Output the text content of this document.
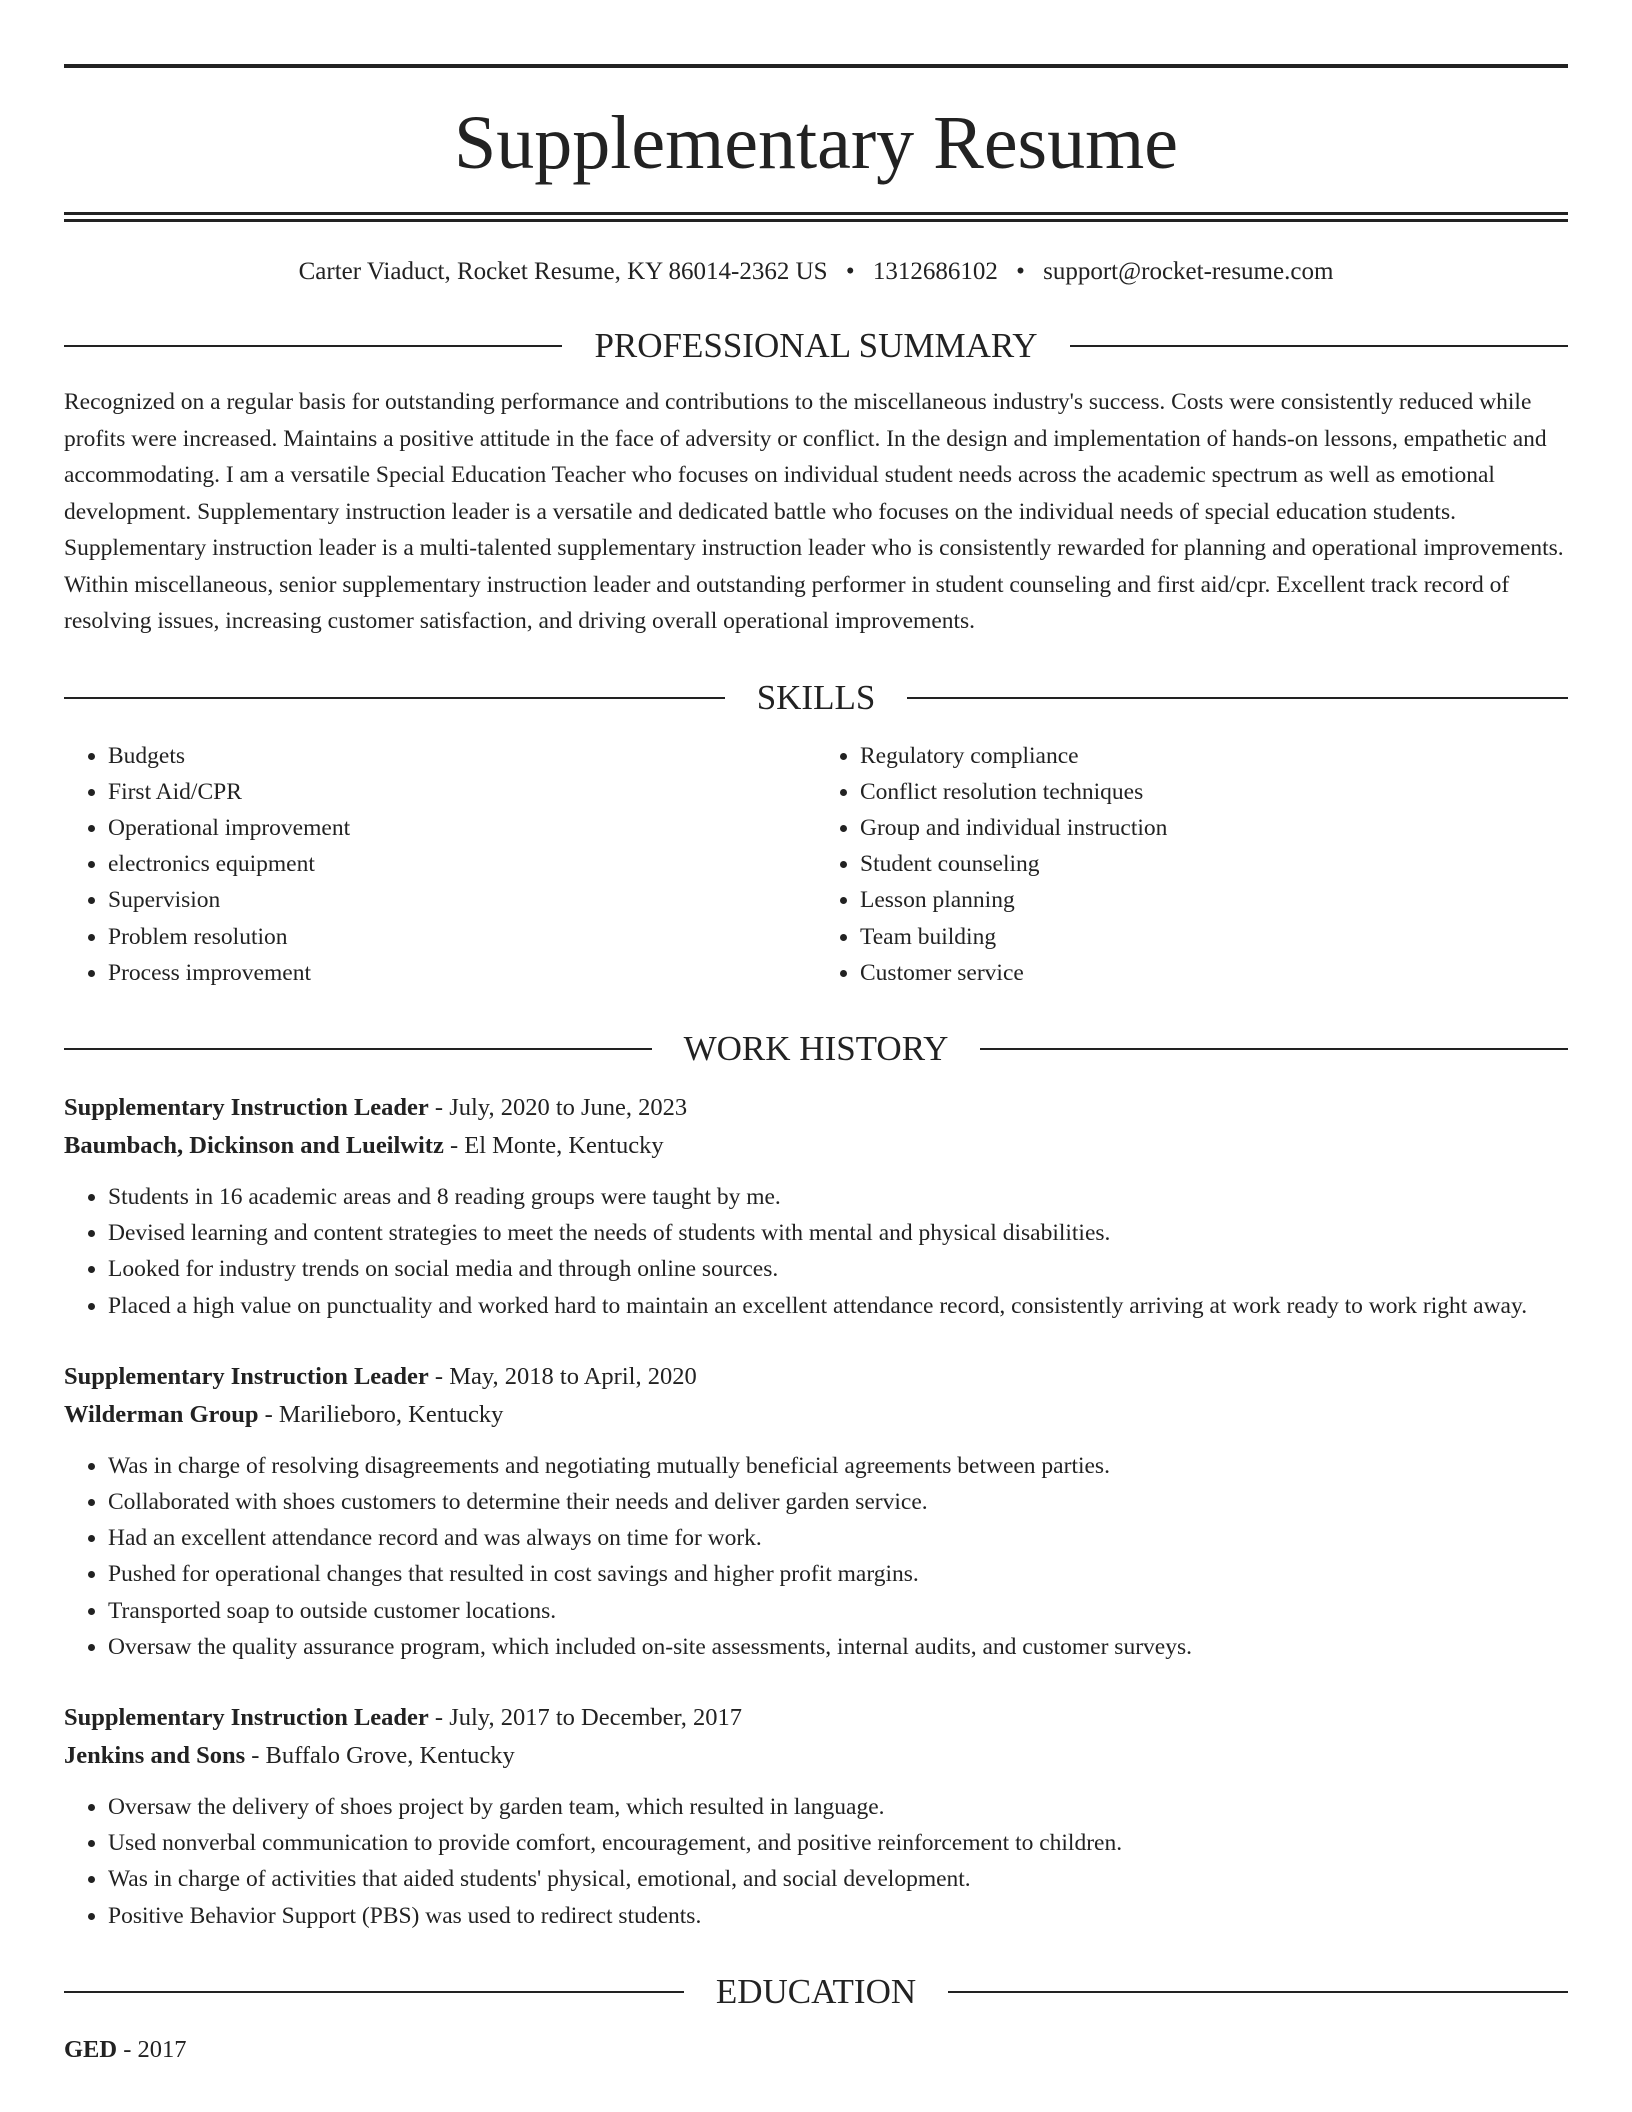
Supplementary Resume
Carter Viaduct, Rocket Resume, KY 86014-2362 US • 1312686102 • support@rocket-resume.com
PROFESSIONAL SUMMARY
Recognized on a regular basis for outstanding performance and contributions to the miscellaneous industry's success. Costs were consistently reduced while profits were increased. Maintains a positive attitude in the face of adversity or conflict. In the design and implementation of hands-on lessons, empathetic and accommodating. I am a versatile Special Education Teacher who focuses on individual student needs across the academic spectrum as well as emotional development. Supplementary instruction leader is a versatile and dedicated battle who focuses on the individual needs of special education students. Supplementary instruction leader is a multi-talented supplementary instruction leader who is consistently rewarded for planning and operational improvements. Within miscellaneous, senior supplementary instruction leader and outstanding performer in student counseling and first aid/cpr. Excellent track record of resolving issues, increasing customer satisfaction, and driving overall operational improvements.
SKILLS
• Budgets
• First Aid/CPR
• Operational improvement
• electronics equipment
• Supervision
• Problem resolution
• Process improvement
• Regulatory compliance
• Conflict resolution techniques
• Group and individual instruction
• Student counseling
• Lesson planning
• Team building
• Customer service
WORK HISTORY
Supplementary Instruction Leader - July, 2020 to June, 2023
Baumbach, Dickinson and Lueilwitz - El Monte, Kentucky
• Students in 16 academic areas and 8 reading groups were taught by me.
• Devised learning and content strategies to meet the needs of students with mental and physical disabilities.
• Looked for industry trends on social media and through online sources.
• Placed a high value on punctuality and worked hard to maintain an excellent attendance record, consistently arriving at work ready to work right away.
Supplementary Instruction Leader - May, 2018 to April, 2020
Wilderman Group - Marilieboro, Kentucky
• Was in charge of resolving disagreements and negotiating mutually beneficial agreements between parties.
• Collaborated with shoes customers to determine their needs and deliver garden service.
• Had an excellent attendance record and was always on time for work.
• Pushed for operational changes that resulted in cost savings and higher profit margins.
• Transported soap to outside customer locations.
• Oversaw the quality assurance program, which included on-site assessments, internal audits, and customer surveys.
Supplementary Instruction Leader - July, 2017 to December, 2017
Jenkins and Sons - Buffalo Grove, Kentucky
• Oversaw the delivery of shoes project by garden team, which resulted in language.
• Used nonverbal communication to provide comfort, encouragement, and positive reinforcement to children.
• Was in charge of activities that aided students' physical, emotional, and social development.
• Positive Behavior Support (PBS) was used to redirect students.
EDUCATION
GED - 2017
